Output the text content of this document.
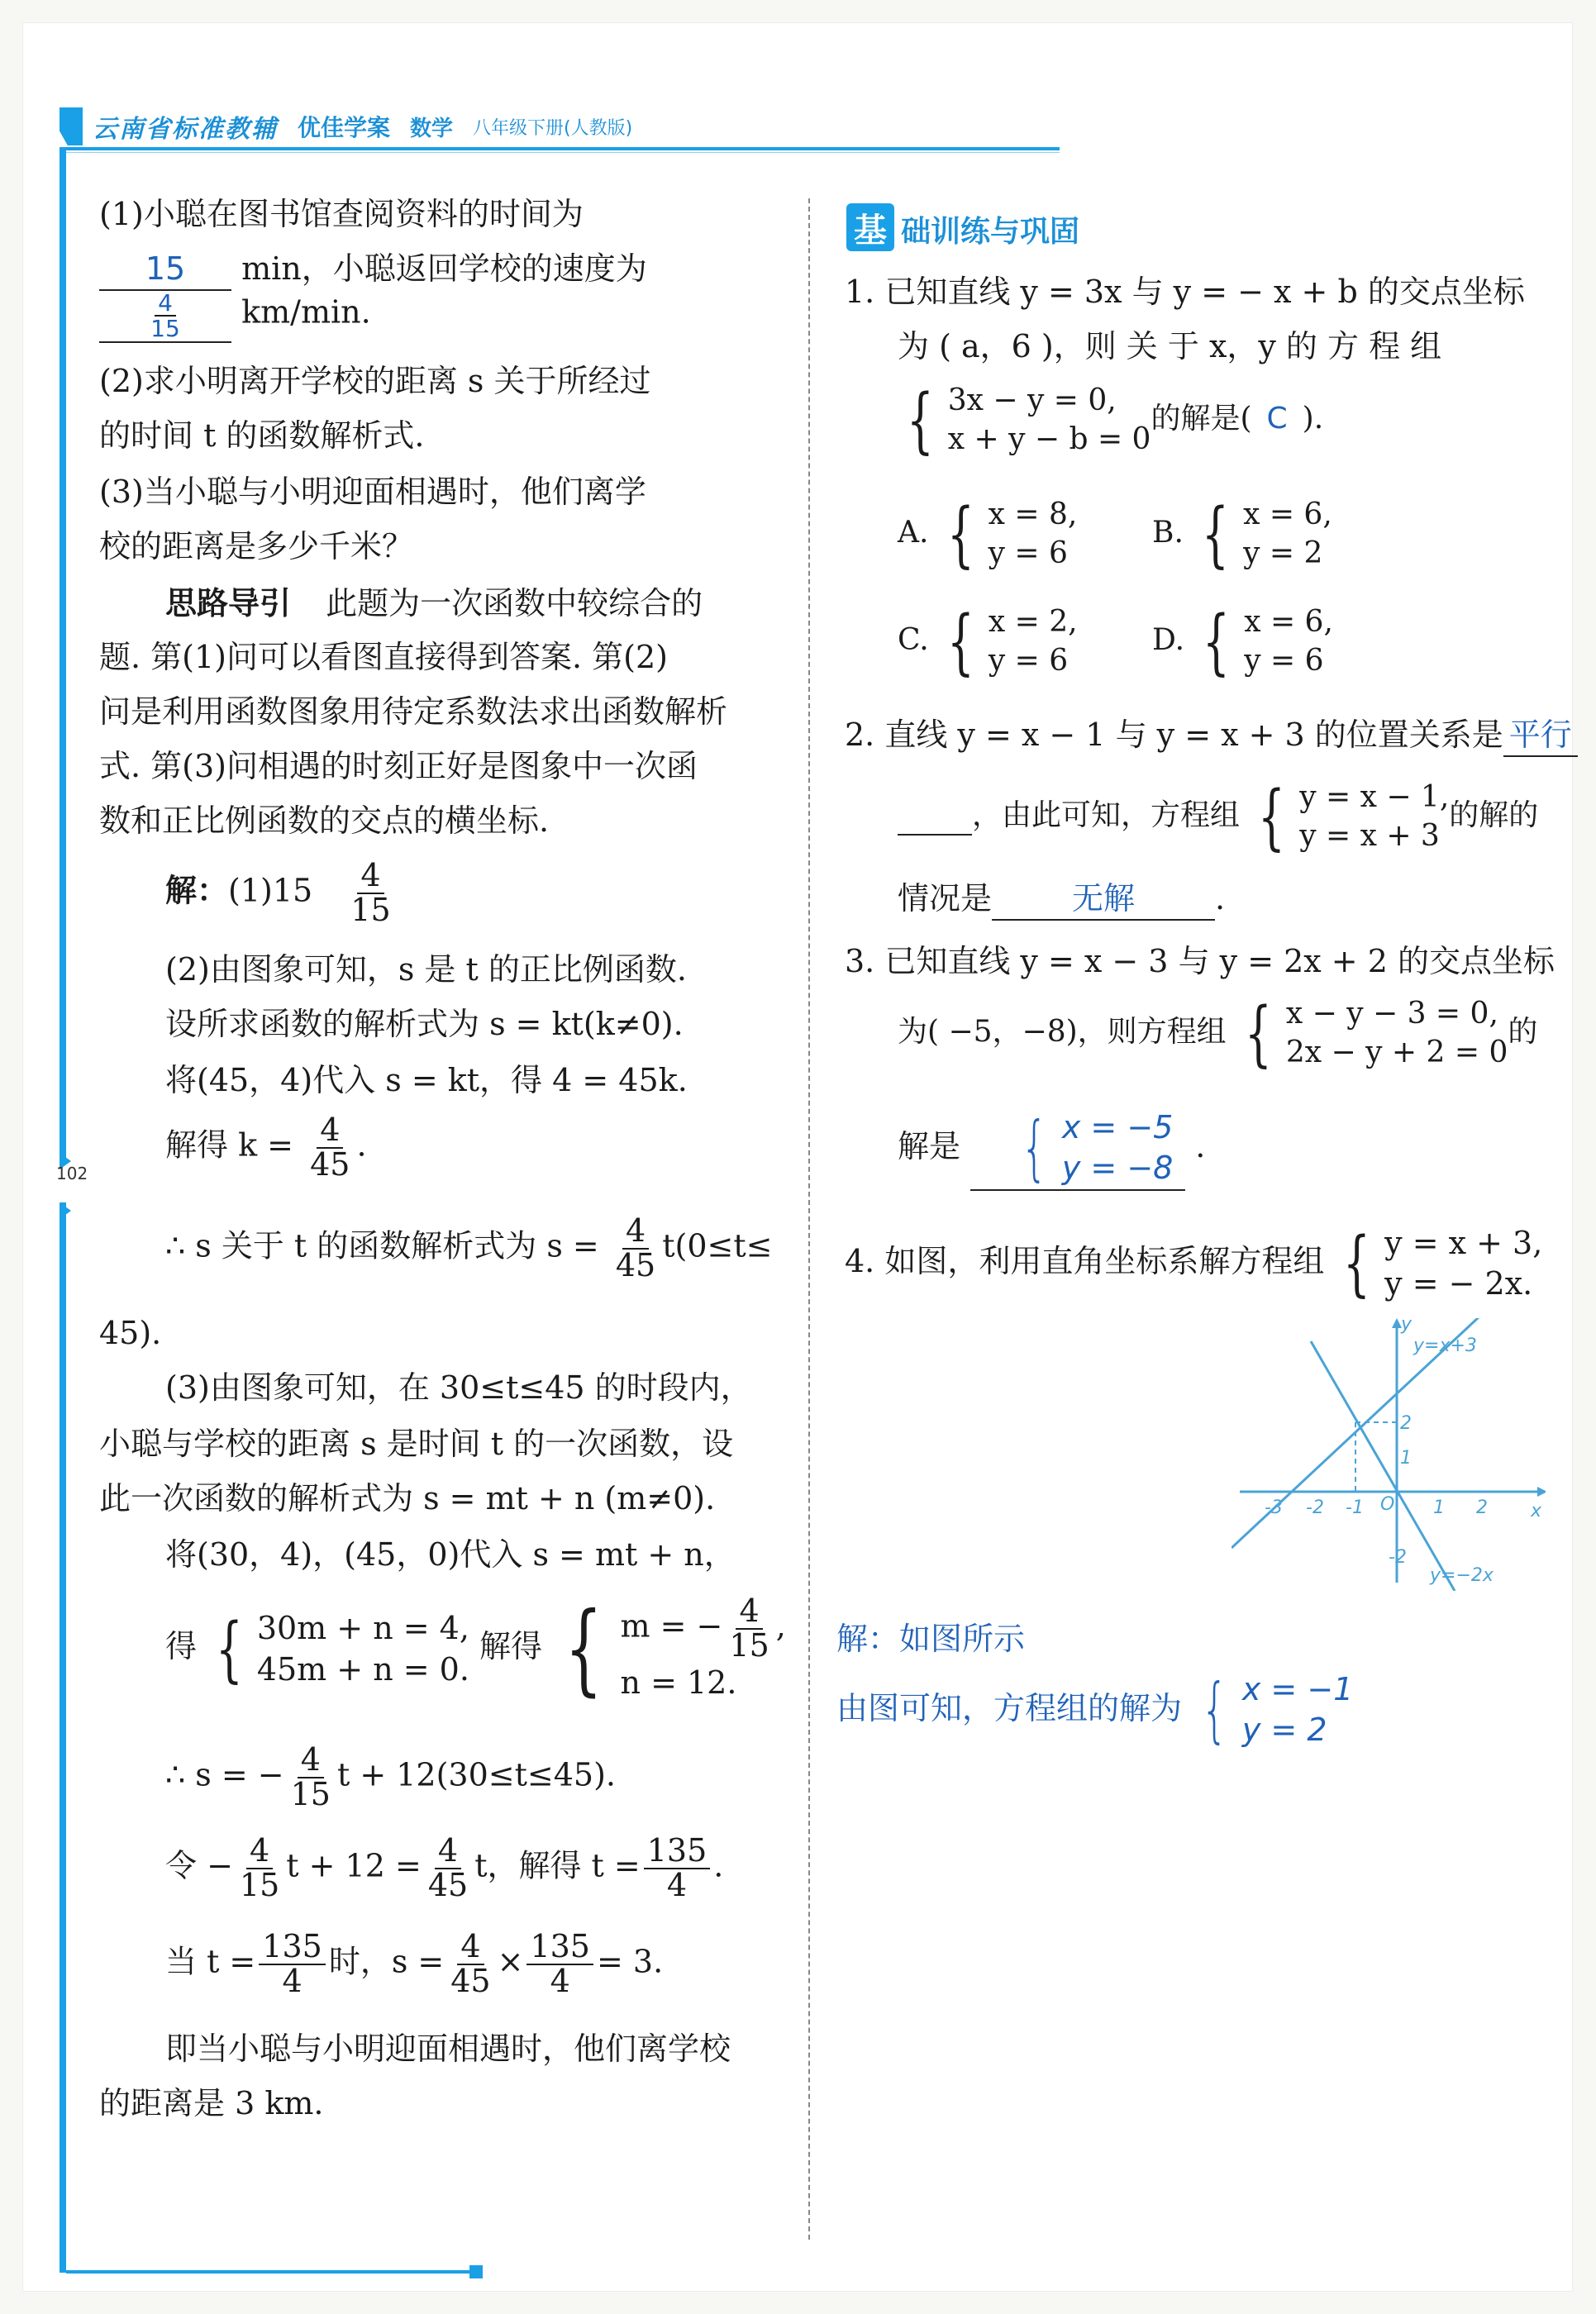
云南省标准教辅 优佳学案 数学 八年级下册(人教版)
102
(1)小聪在图书馆查阅资料的时间为
15 min，小聪返回学校的速度为
$\frac{4}{15} km/\min$.
(2)求小明离开学校的距离 s 关于所经过
的时间 t 的函数解析式.
(3)当小聪与小明迎面相遇时，他们离学
校的距离是多少千米？
思路导引 此题为一次函数中较综合的
题. 第(1)问可以看图直接得到答案. 第(2)
问是利用函数图象用待定系数法求出函数解析
式. 第(3)问相遇的时刻正好是图象中一次函
数和正比例函数的交点的横坐标.
解：$(1)15 \frac{4}{15}$
(2)由图象可知，s 是 t 的正比例函数.
设所求函数的解析式为 s = kt(k≠0).
将(45，4)代入 s = kt，得 4 = 45k.
解得 $k = \frac{4}{45}$ .
∴ s 关于 t 的函数解析式为 $s = \frac{4}{45} t(0\le t\le$
45).
(3)由图象可知，在 30≤t≤45 的时段内，
小聪与学校的距离 s 是时间 t 的一次函数，设
此一次函数的解析式为 s = mt + n (m≠0).
将(30，4)，(45，0)代入 s = mt + n，
得 { 30m + n = 4,
45m + n = 0.
解得 { m = − $\frac{4}{15}$ ,
n = 12.
∴ s = − $\frac{4}{15}$ t + 12(30≤t≤45).
令 − $\frac{4}{15}$ $t + 12 = \frac{4}{45}$ t，解得 $t = \frac{135}{4}$ .
当 $t = \frac{135}{4}$ 时，$s = \frac{4}{45} \times \frac{135}{4} = 3$.
即当小聪与小明迎面相遇时，他们离学校
的距离是 3 km.
基 础训练与巩固
1. 已知直线 y = 3x 与 y = − x + b 的交点坐标
为 ( a，6 )，则 关 于 x，y 的 方 程 组
{ 3x − y = 0,
x + y − b = 0
的解是( C ).
A. { x = 8,
y = 6
B. { x = 6,
y = 2
C. { x = 2,
y = 6
D. { x = 6,
y = 6
2. 直线 y = x − 1 与 y = x + 3 的位置关系是 平行
，由此可知，方程组 { y = x − 1,
y = x + 3
的解的
情况是	无解	.
3. 已知直线 y = x − 3 与 y = 2x + 2 的交点坐标
为( −5，−8)，则方程组 { x − y − 3 = 0,
2x − y + 2 = 0
的
解是 { x = −5
y = −8
.
4. 如图，利用直角坐标系解方程组 { y = x + 3,
y = − 2x.
y=x+3
y=−2x
y
x
O
2
1
-2
-1
-2
-3	1 2
解：如图所示
由图可知，方程组的解为 { x = −1
y = 2
